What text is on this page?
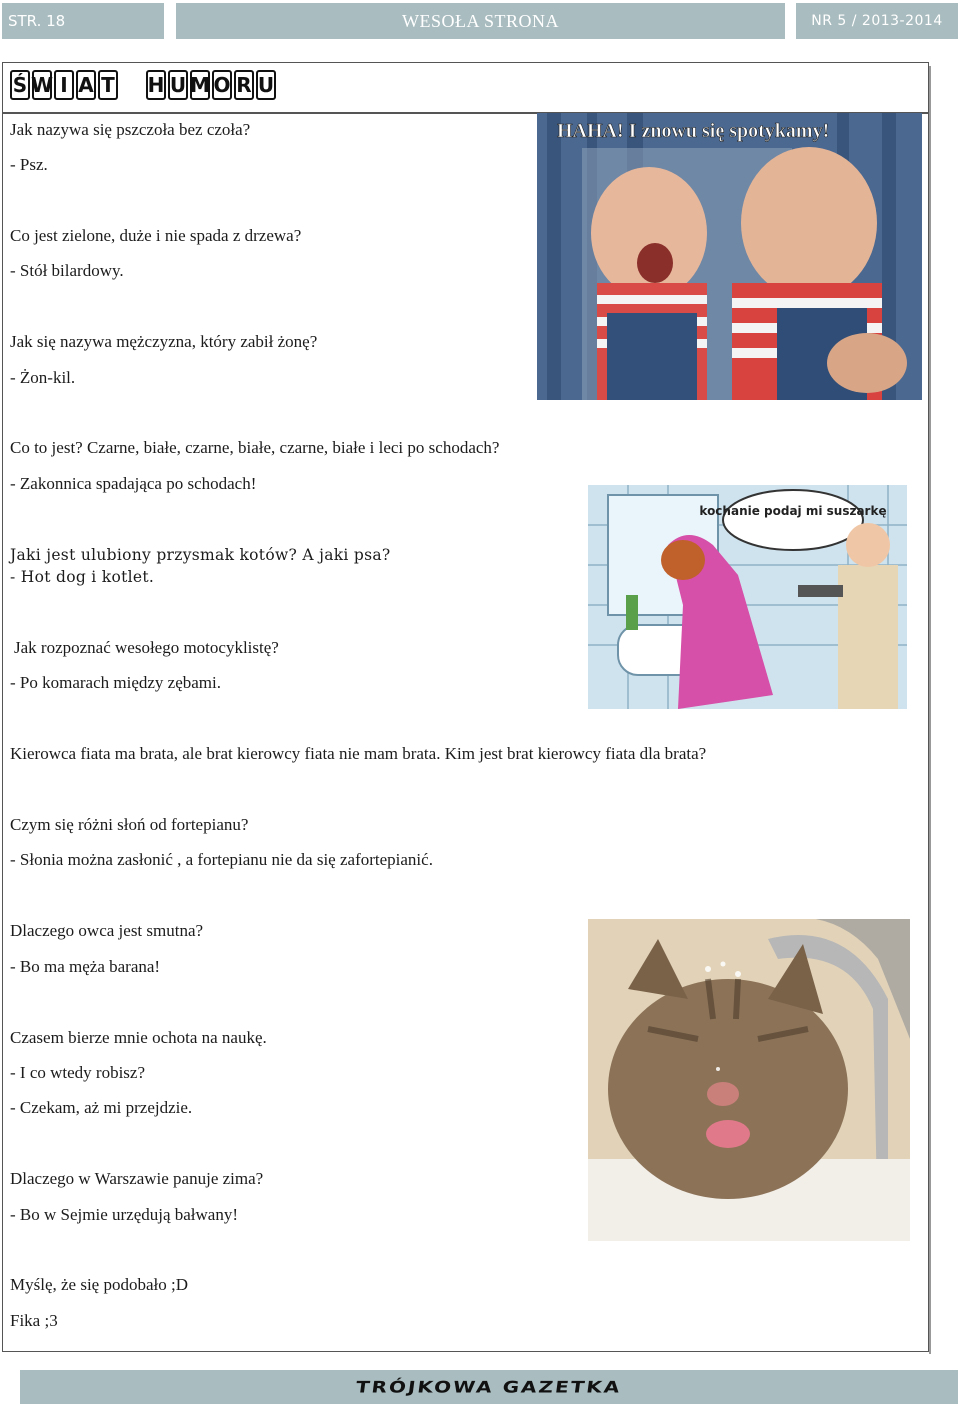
STR. 18	WESOŁA STRONA	NR 5 / 2013-2014
Ś W I A T H U M O R U
Jak nazywa się pszczoła bez czoła?
- Psz.
Co jest zielone, duże i nie spada z drzewa?
- Stół bilardowy.
Jak się nazywa mężczyzna, który zabił żonę?
- Żon-kil.
Co to jest? Czarne, białe, czarne, białe, czarne, białe i leci po schodach?
- Zakonnica spadająca po schodach!
Jaki jest ulubiony przysmak kotów? A jaki psa?
- Hot dog i kotlet.
Jak rozpoznać wesołego motocyklistę?
- Po komarach między zębami.
Kierowca fiata ma brata, ale brat kierowcy fiata nie mam brata. Kim jest brat kierowcy fiata dla brata?
Czym się różni słoń od fortepianu?
- Słonia można zasłonić , a fortepianu nie da się zafortepianić.
Dlaczego owca jest smutna?
- Bo ma męża barana!
Czasem bierze mnie ochota na naukę.
- I co wtedy robisz?
- Czekam, aż mi przejdzie.
Dlaczego w Warszawie panuje zima?
- Bo w Sejmie urzędują bałwany!
Myślę, że się podobało ;D
Fika ;3
HAHA! I znowu się spotykamy!
kochanie podaj mi suszarkę
TRÓJKOWA GAZETKA
